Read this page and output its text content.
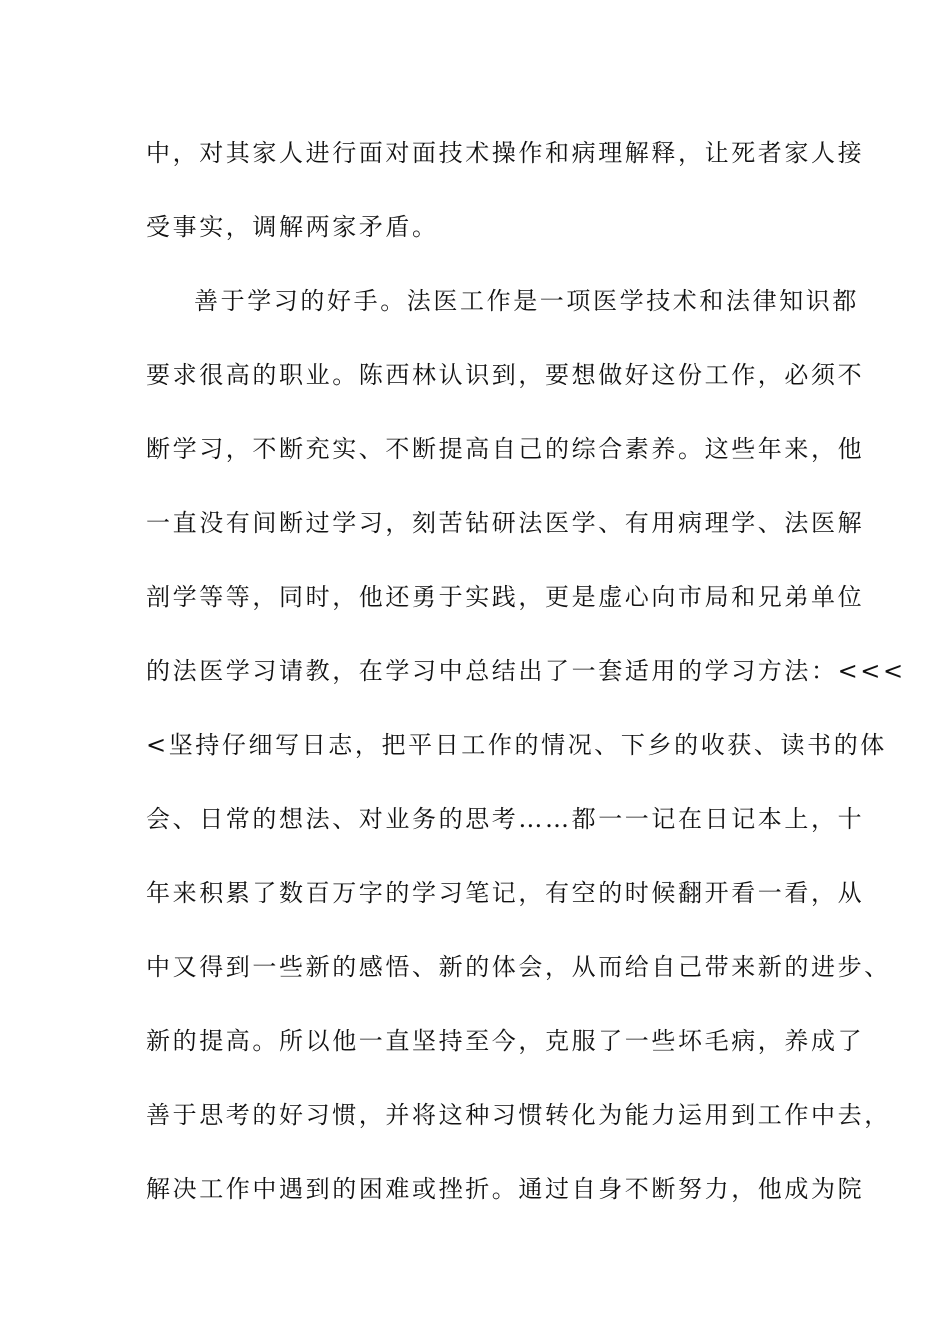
中，对其家人进行面对面技术操作和病理解释，让死者家人接
受事实，调解两家矛盾。
善于学习的好手。法医工作是一项医学技术和法律知识都
要求很高的职业。陈西林认识到，要想做好这份工作，必须不
断学习，不断充实、不断提高自己的综合素养。这些年来，他
一直没有间断过学习，刻苦钻研法医学、有用病理学、法医解
剖学等等，同时，他还勇于实践，更是虚心向市局和兄弟单位
的法医学习请教，在学习中总结出了一套适用的学习方法：<<<
<坚持仔细写日志，把平日工作的情况、下乡的收获、读书的体
会、日常的想法、对业务的思考……都一一记在日记本上，十
年来积累了数百万字的学习笔记，有空的时候翻开看一看，从
中又得到一些新的感悟、新的体会，从而给自己带来新的进步、
新的提高。所以他一直坚持至今，克服了一些坏毛病，养成了
善于思考的好习惯，并将这种习惯转化为能力运用到工作中去，
解决工作中遇到的困难或挫折。通过自身不断努力，他成为院
